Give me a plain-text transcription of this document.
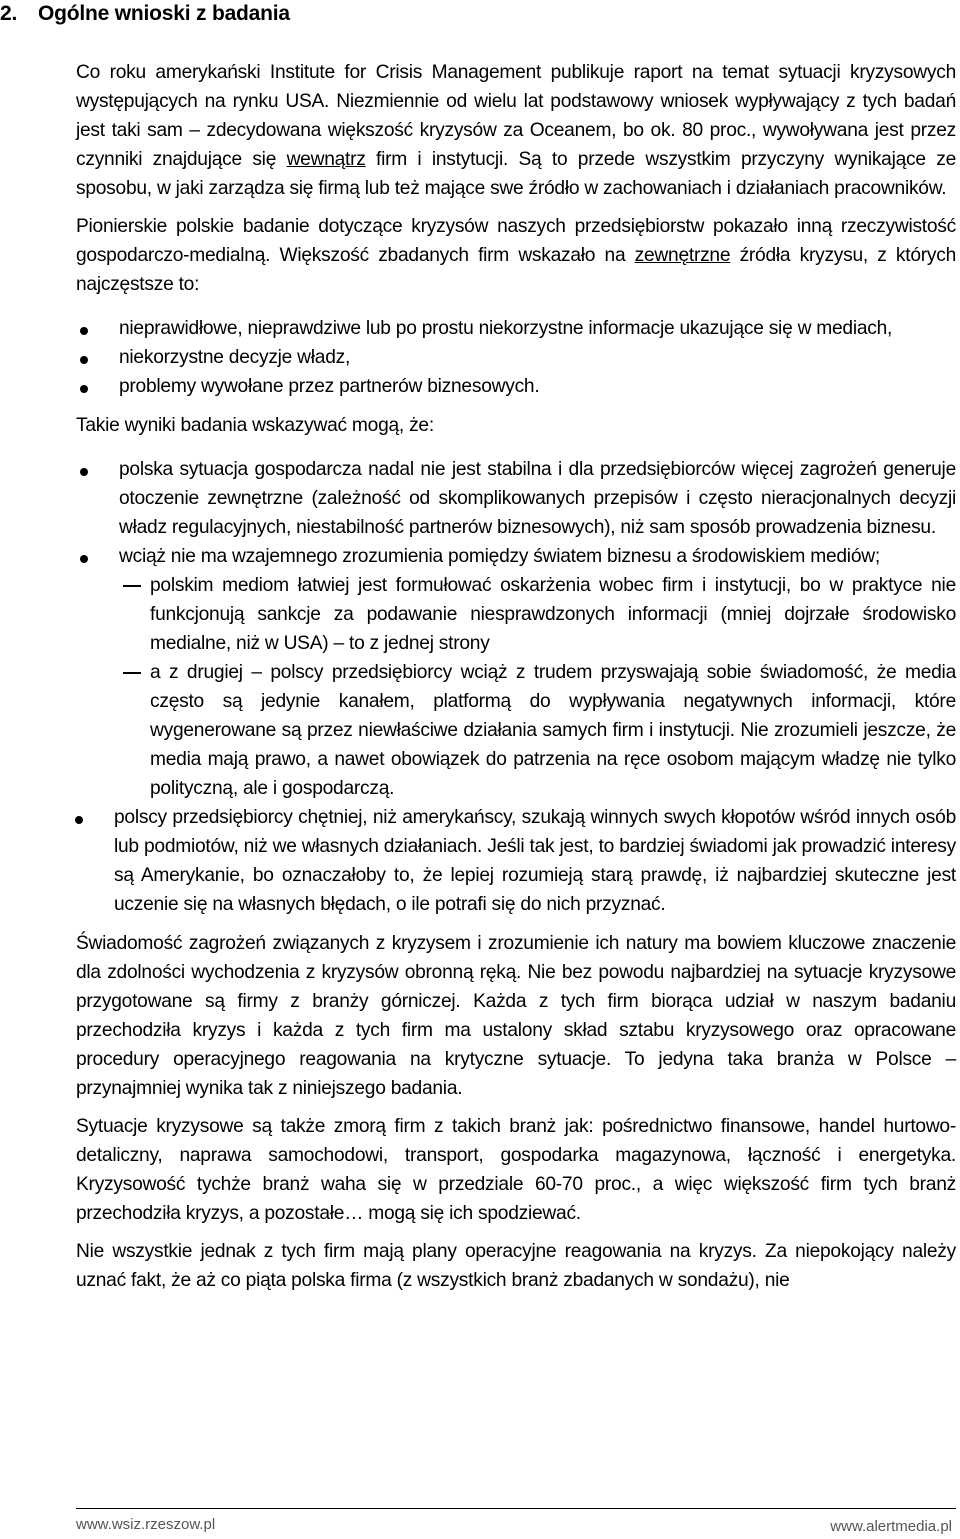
2. Ogólne wnioski z badania

Co roku amerykański Institute for Crisis Management publikuje raport na temat sytuacji kryzysowych występujących na rynku USA. Niezmiennie od wielu lat podstawowy wniosek wypływający z tych badań jest taki sam – zdecydowana większość kryzysów za Oceanem, bo ok. 80 proc., wywoływana jest przez czynniki znajdujące się wewnątrz firm i instytucji. Są to przede wszystkim przyczyny wynikające ze sposobu, w jaki zarządza się firmą lub też mające swe źródło w zachowaniach i działaniach pracowników.

Pionierskie polskie badanie dotyczące kryzysów naszych przedsiębiorstw pokazało inną rzeczywistość gospodarczo-medialną. Większość zbadanych firm wskazało na zewnętrzne źródła kryzysu, z których najczęstsze to:

nieprawidłowe, nieprawdziwe lub po prostu niekorzystne informacje ukazujące się w mediach,
niekorzystne decyzje władz,
problemy wywołane przez partnerów biznesowych.

Takie wyniki badania wskazywać mogą, że:

polska sytuacja gospodarcza nadal nie jest stabilna i dla przedsiębiorców więcej zagrożeń generuje otoczenie zewnętrzne (zależność od skomplikowanych przepisów i często nieracjonalnych decyzji władz regulacyjnych, niestabilność partnerów biznesowych), niż sam sposób prowadzenia biznesu.
wciąż nie ma wzajemnego zrozumienia pomiędzy światem biznesu a środowiskiem mediów;
polskim mediom łatwiej jest formułować oskarżenia wobec firm i instytucji, bo w praktyce nie funkcjonują sankcje za podawanie niesprawdzonych informacji (mniej dojrzałe środowisko medialne, niż w USA) – to z jednej strony
a z drugiej – polscy przedsiębiorcy wciąż z trudem przyswajają sobie świadomość, że media często są jedynie kanałem, platformą do wypływania negatywnych informacji, które wygenerowane są przez niewłaściwe działania samych firm i instytucji. Nie zrozumieli jeszcze, że media mają prawo, a nawet obowiązek do patrzenia na ręce osobom mającym władzę nie tylko polityczną, ale i gospodarczą.
polscy przedsiębiorcy chętniej, niż amerykańscy, szukają winnych swych kłopotów wśród innych osób lub podmiotów, niż we własnych działaniach. Jeśli tak jest, to bardziej świadomi jak prowadzić interesy są Amerykanie, bo oznaczałoby to, że lepiej rozumieją starą prawdę, iż najbardziej skuteczne jest uczenie się na własnych błędach, o ile potrafi się do nich przyznać.

Świadomość zagrożeń związanych z kryzysem i zrozumienie ich natury ma bowiem kluczowe znaczenie dla zdolności wychodzenia z kryzysów obronną ręką. Nie bez powodu najbardziej na sytuacje kryzysowe przygotowane są firmy z branży górniczej. Każda z tych firm biorąca udział w naszym badaniu przechodziła kryzys i każda z tych firm ma ustalony skład sztabu kryzysowego oraz opracowane procedury operacyjnego reagowania na krytyczne sytuacje. To jedyna taka branża w Polsce – przynajmniej wynika tak z niniejszego badania.

Sytuacje kryzysowe są także zmorą firm z takich branż jak: pośrednictwo finansowe, handel hurtowo-detaliczny, naprawa samochodowi, transport, gospodarka magazynowa, łączność i energetyka. Kryzysowość tychże branż waha się w przedziale 60-70 proc., a więc większość firm tych branż przechodziła kryzys, a pozostałe… mogą się ich spodziewać.

Nie wszystkie jednak z tych firm mają plany operacyjne reagowania na kryzys. Za niepokojący należy uznać fakt, że aż co piąta polska firma (z wszystkich branż zbadanych w sondażu), nie

www.wsiz.rzeszow.pl	www.alertmedia.pl
